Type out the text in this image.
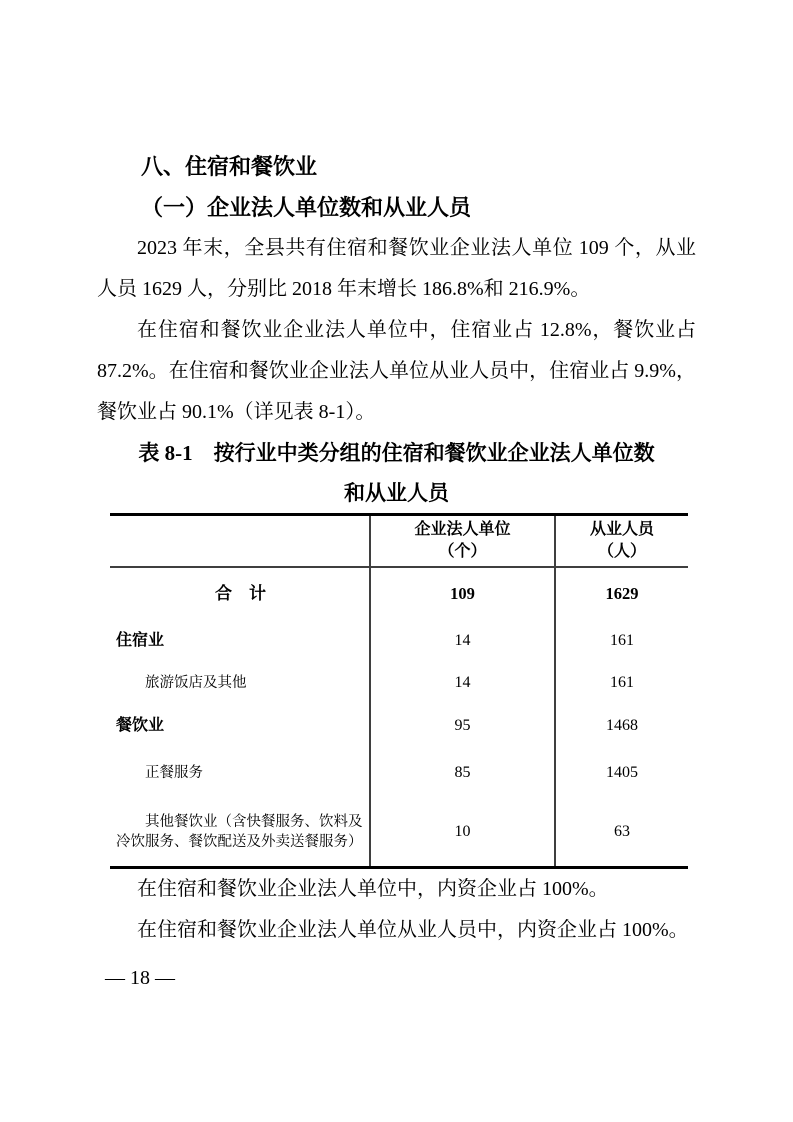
八、住宿和餐饮业
（一）企业法人单位数和从业人员

2023 年末，全县共有住宿和餐饮业企业法人单位 109 个，从业人员 1629 人，分别比 2018 年末增长 186.8%和 216.9%。

在住宿和餐饮业企业法人单位中，住宿业占 12.8%，餐饮业占 87.2%。在住宿和餐饮业企业法人单位从业人员中，住宿业占 9.9%，餐饮业占 90.1%（详见表 8-1）。

表 8-1　按行业中类分组的住宿和餐饮业企业法人单位数
和从业人员

企业法人单位
（个）

从业人员
（人）

合　计	109	1629
住宿业	14	161
旅游饭店及其他	14	161
餐饮业	95	1468
正餐服务	85	1405
其他餐饮业（含快餐服务、饮料及冷饮服务、餐饮配送及外卖送餐服务）	10	63

在住宿和餐饮业企业法人单位中，内资企业占 100%。

在住宿和餐饮业企业法人单位从业人员中，内资企业占 100%。

— 18 —
